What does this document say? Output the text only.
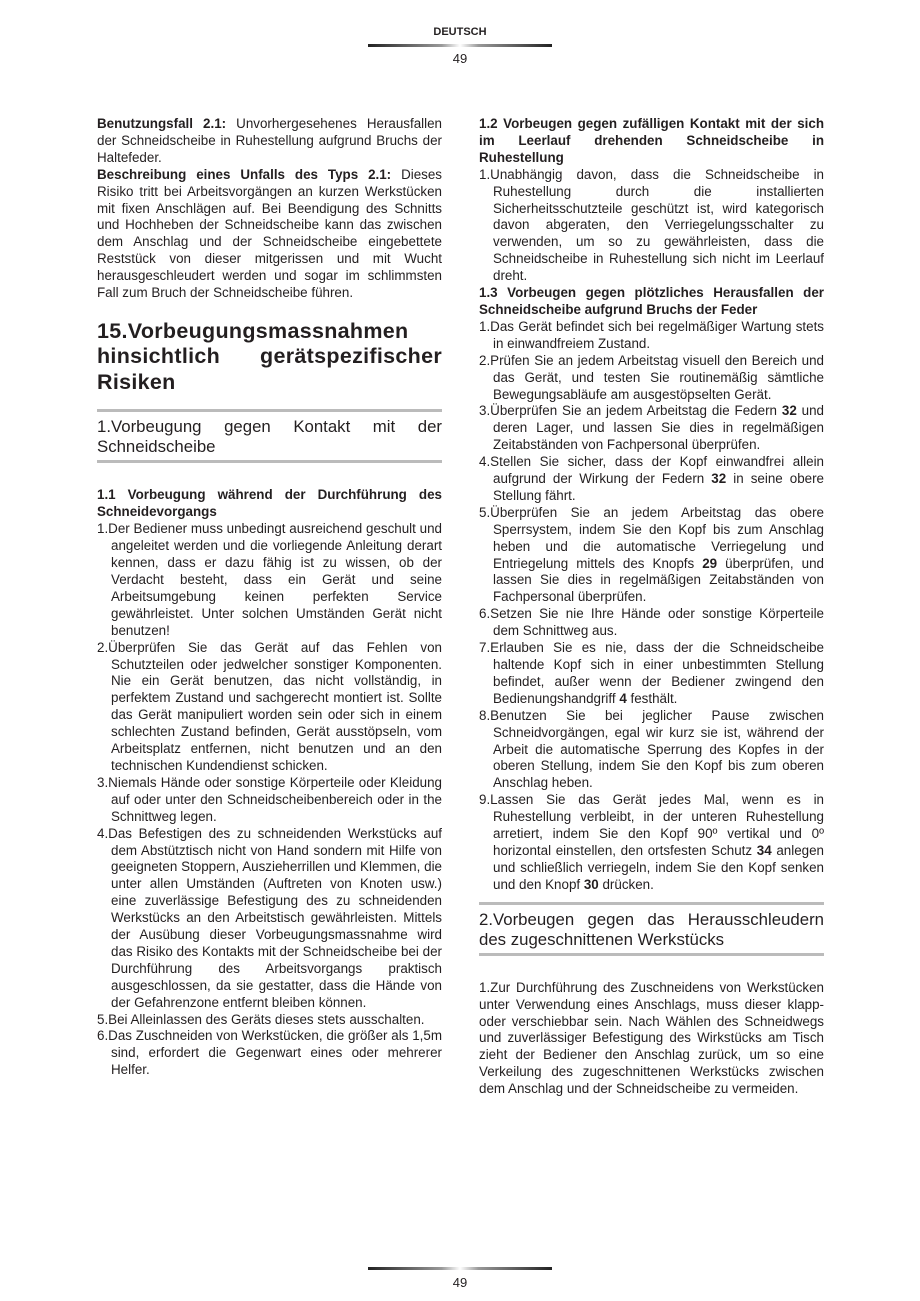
DEUTSCH
49

Benutzungsfall 2.1: Unvorhergesehenes Herausfallen der Schneidscheibe in Ruhestellung aufgrund Bruchs der Haltefeder.

Beschreibung eines Unfalls des Typs 2.1: Dieses Risiko tritt bei Arbeitsvorgängen an kurzen Werkstücken mit fixen Anschlägen auf. Bei Beendigung des Schnitts und Hochheben der Schneidscheibe kann das zwischen dem Anschlag und der Schneidscheibe eingebettete Reststück von dieser mitgerissen und mit Wucht herausgeschleudert werden und sogar im schlimmsten Fall zum Bruch der Schneidscheibe führen.

15.Vorbeugungsmassnahmen hinsichtlich gerätspezifischer Risiken
1.Vorbeugung gegen Kontakt mit der Schneidscheibe
1.1 Vorbeugung während der Durchführung des Schneidevorgangs
1.Der Bediener muss unbedingt ausreichend geschult und angeleitet werden und die vorliegende Anleitung derart kennen, dass er dazu fähig ist zu wissen, ob der Verdacht besteht, dass ein Gerät und seine Arbeitsumgebung keinen perfekten Service gewährleistet. Unter solchen Umständen Gerät nicht benutzen!
2.Überprüfen Sie das Gerät auf das Fehlen von Schutzteilen oder jedwelcher sonstiger Komponenten. Nie ein Gerät benutzen, das nicht vollständig, in perfektem Zustand und sachgerecht montiert ist. Sollte das Gerät manipuliert worden sein oder sich in einem schlechten Zustand befinden, Gerät ausstöpseln, vom Arbeitsplatz entfernen, nicht benutzen und an den technischen Kundendienst schicken.
3.Niemals Hände oder sonstige Körperteile oder Kleidung auf oder unter den Schneidscheibenbereich oder in the Schnittweg legen.
4.Das Befestigen des zu schneidenden Werkstücks auf dem Abstütztisch nicht von Hand sondern mit Hilfe von geeigneten Stoppern, Auszieherrillen und Klemmen, die unter allen Umständen (Auftreten von Knoten usw.) eine zuverlässige Befestigung des zu schneidenden Werkstücks an den Arbeitstisch gewährleisten. Mittels der Ausübung dieser Vorbeugungsmassnahme wird das Risiko des Kontakts mit der Schneidscheibe bei der Durchführung des Arbeitsvorgangs praktisch ausgeschlossen, da sie gestatter, dass die Hände von der Gefahrenzone entfernt bleiben können.
5.Bei Alleinlassen des Geräts dieses stets ausschalten.
6.Das Zuschneiden von Werkstücken, die größer als 1,5m sind, erfordert die Gegenwart eines oder mehrerer Helfer.
1.2 Vorbeugen gegen zufälligen Kontakt mit der sich im Leerlauf drehenden Schneidscheibe in Ruhestellung
1.Unabhängig davon, dass die Schneidscheibe in Ruhestellung durch die installierten Sicherheitsschutzteile geschützt ist, wird kategorisch davon abgeraten, den Verriegelungsschalter zu verwenden, um so zu gewährleisten, dass die Schneidscheibe in Ruhestellung sich nicht im Leerlauf dreht.
1.3 Vorbeugen gegen plötzliches Herausfallen der Schneidscheibe aufgrund Bruchs der Feder
1.Das Gerät befindet sich bei regelmäßiger Wartung stets in einwandfreiem Zustand.
2.Prüfen Sie an jedem Arbeitstag visuell den Bereich und das Gerät, und testen Sie routinemäßig sämtliche Bewegungsabläufe am ausgestöpselten Gerät.
3.Überprüfen Sie an jedem Arbeitstag die Federn 32 und deren Lager, und lassen Sie dies in regelmäßigen Zeitabständen von Fachpersonal überprüfen.
4.Stellen Sie sicher, dass der Kopf einwandfrei allein aufgrund der Wirkung der Federn 32 in seine obere Stellung fährt.
5.Überprüfen Sie an jedem Arbeitstag das obere Sperrsystem, indem Sie den Kopf bis zum Anschlag heben und die automatische Verriegelung und Entriegelung mittels des Knopfs 29 überprüfen, und lassen Sie dies in regelmäßigen Zeitabständen von Fachpersonal überprüfen.
6.Setzen Sie nie Ihre Hände oder sonstige Körperteile dem Schnittweg aus.
7.Erlauben Sie es nie, dass der die Schneidscheibe haltende Kopf sich in einer unbestimmten Stellung befindet, außer wenn der Bediener zwingend den Bedienungshandgriff 4 festhält.
8.Benutzen Sie bei jeglicher Pause zwischen Schneidvorgängen, egal wir kurz sie ist, während der Arbeit die automatische Sperrung des Kopfes in der oberen Stellung, indem Sie den Kopf bis zum oberen Anschlag heben.
9.Lassen Sie das Gerät jedes Mal, wenn es in Ruhestellung verbleibt, in der unteren Ruhestellung arretiert, indem Sie den Kopf 90º vertikal und 0º horizontal einstellen, den ortsfesten Schutz 34 anlegen und schließlich verriegeln, indem Sie den Kopf senken und den Knopf 30 drücken.
2.Vorbeugen gegen das Herausschleudern des zugeschnittenen Werkstücks

1.Zur Durchführung des Zuschneidens von Werkstücken unter Verwendung eines Anschlags, muss dieser klapp- oder verschiebbar sein. Nach Wählen des Schneidwegs und zuverlässiger Befestigung des Wirkstücks am Tisch zieht der Bediener den Anschlag zurück, um so eine Verkeilung des zugeschnittenen Werkstücks zwischen dem Anschlag und der Schneidscheibe zu vermeiden.

49
